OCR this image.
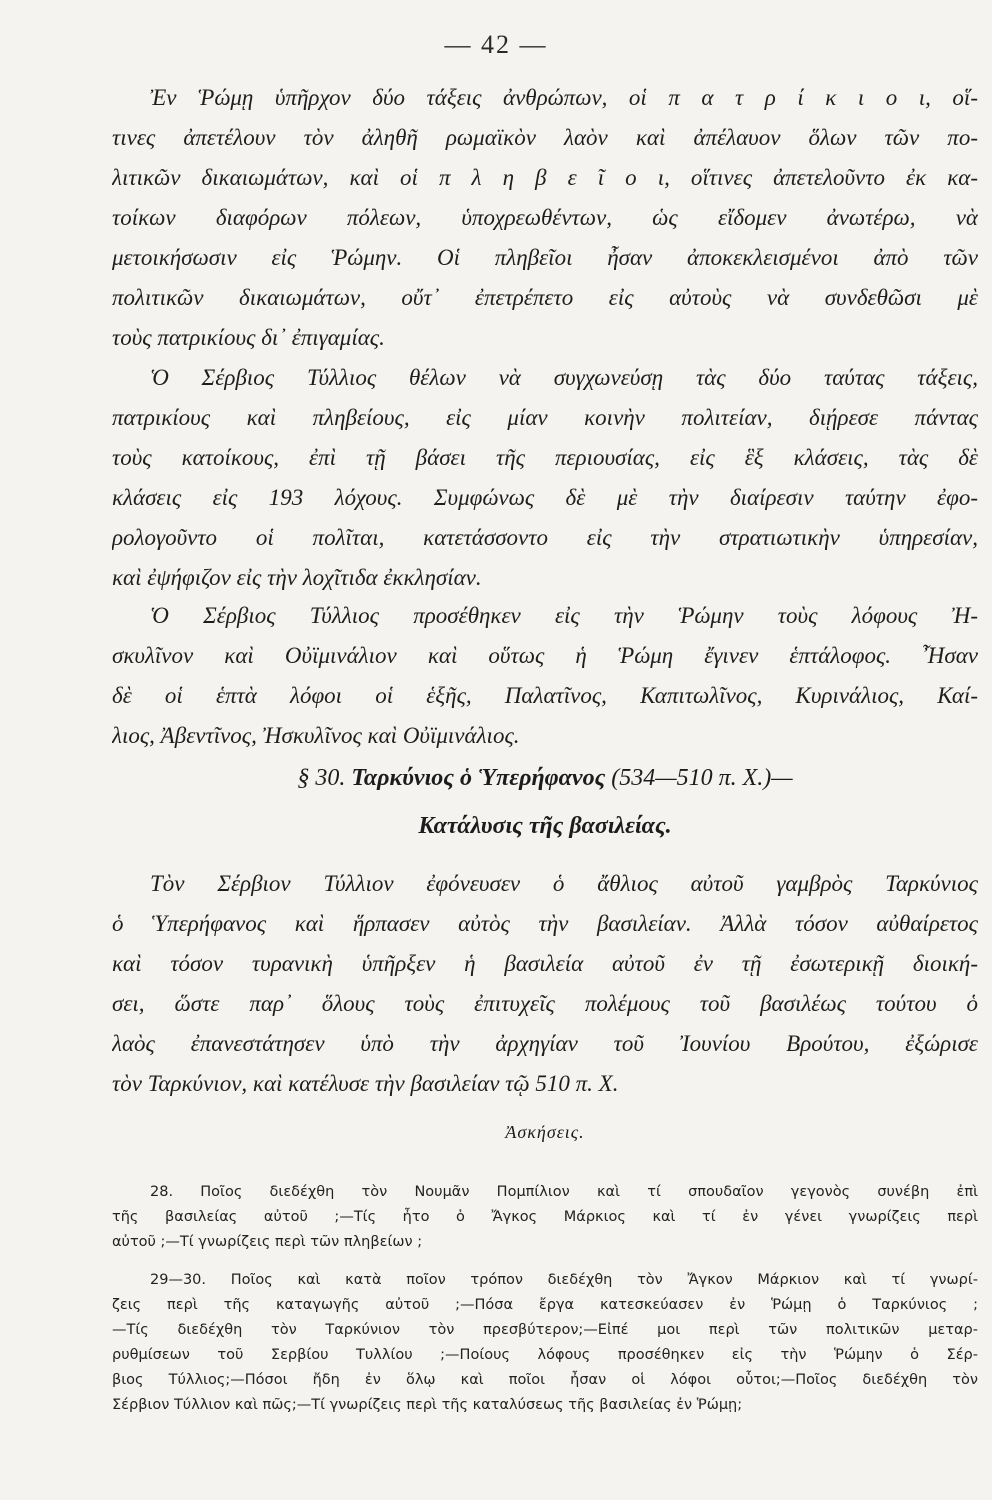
— 42 —
Ἐν Ῥώμῃ ὑπῆρχον δύο τάξεις ἀνθρώπων, οἱ π α τ ρ ί κ ι ο ι, οἵ-
τινες ἀπετέλουν τὸν ἀληθῆ ρωμαϊκὸν λαὸν καὶ ἀπέλαυον ὅλων τῶν πο-
λιτικῶν δικαιωμάτων, καὶ οἱ π λ η β ε ῖ ο ι, οἵτινες ἀπετελοῦντο ἐκ κα-
τοίκων διαφόρων πόλεων, ὑποχρεωθέντων, ὡς εἴδομεν ἀνωτέρω, νὰ
μετοικήσωσιν εἰς Ῥώμην. Οἱ πληβεῖοι ἦσαν ἀποκεκλεισμένοι ἀπὸ τῶν
πολιτικῶν δικαιωμάτων, οὔτ᾽ ἐπετρέπετο εἰς αὐτοὺς νὰ συνδεθῶσι μὲ
τοὺς πατρικίους δι᾽ ἐπιγαμίας.
Ὁ Σέρβιος Τύλλιος θέλων νὰ συγχωνεύσῃ τὰς δύο ταύτας τάξεις,
πατρικίους καὶ πληβείους, εἰς μίαν κοινὴν πολιτείαν, διῄρεσε πάντας
τοὺς κατοίκους, ἐπὶ τῇ βάσει τῆς περιουσίας, εἰς ἓξ κλάσεις, τὰς δὲ
κλάσεις εἰς 193 λόχους. Συμφώνως δὲ μὲ τὴν διαίρεσιν ταύτην ἐφο-
ρολογοῦντο οἱ πολῖται, κατετάσσοντο εἰς τὴν στρατιωτικὴν ὑπηρεσίαν,
καὶ ἐψήφιζον εἰς τὴν λοχῖτιδα ἐκκλησίαν.
Ὁ Σέρβιος Τύλλιος προσέθηκεν εἰς τὴν Ῥώμην τοὺς λόφους Ἠ-
σκυλῖνον καὶ Οὐϊμινάλιον καὶ οὕτως ἡ Ῥώμη ἔγινεν ἑπτάλοφος. Ἦσαν
δὲ οἱ ἑπτὰ λόφοι οἱ ἑξῆς, Παλατῖνος, Καπιτωλῖνος, Κυρινάλιος, Καί-
λιος, Ἀβεντῖνος, Ἠσκυλῖνος καὶ Οὐϊμινάλιος.
§ 30. Ταρκύνιος ὁ Ὑπερήφανος (534—510 π. Χ.)—
Κατάλυσις τῆς βασιλείας.
Τὸν Σέρβιον Τύλλιον ἐφόνευσεν ὁ ἄθλιος αὐτοῦ γαμβρὸς Ταρκύνιος
ὁ Ὑπερήφανος καὶ ἥρπασεν αὐτὸς τὴν βασιλείαν. Ἀλλὰ τόσον αὐθαίρετος
καὶ τόσον τυρανικὴ ὑπῆρξεν ἡ βασιλεία αὐτοῦ ἐν τῇ ἐσωτερικῇ διοική-
σει, ὥστε παρ᾽ ὅλους τοὺς ἐπιτυχεῖς πολέμους τοῦ βασιλέως τούτου ὁ
λαὸς ἐπανεστάτησεν ὑπὸ τὴν ἀρχηγίαν τοῦ Ἰουνίου Βρούτου, ἐξώρισε
τὸν Ταρκύνιον, καὶ κατέλυσε τὴν βασιλείαν τῷ 510 π. Χ.
Ἀσκήσεις.
28. Ποῖος διεδέχθη τὸν Νουμᾶν Πομπίλιον καὶ τί σπουδαῖον γεγονὸς συνέβη ἐπὶ
τῆς βασιλείας αὐτοῦ ;—Τίς ἦτο ὁ Ἄγκος Μάρκιος καὶ τί ἐν γένει γνωρίζεις περὶ
αὐτοῦ ;—Τί γνωρίζεις περὶ τῶν πληβείων ;
29—30. Ποῖος καὶ κατὰ ποῖον τρόπον διεδέχθη τὸν Ἄγκον Μάρκιον καὶ τί γνωρί-
ζεις περὶ τῆς καταγωγῆς αὐτοῦ ;—Πόσα ἔργα κατεσκεύασεν ἐν Ῥώμῃ ὁ Ταρκύνιος ;
—Τίς διεδέχθη τὸν Ταρκύνιον τὸν πρεσβύτερον;—Εἰπέ μοι περὶ τῶν πολιτικῶν μεταρ-
ρυθμίσεων τοῦ Σερβίου Τυλλίου ;—Ποίους λόφους προσέθηκεν εἰς τὴν Ῥώμην ὁ Σέρ-
βιος Τύλλιος;—Πόσοι ἤδη ἐν ὅλῳ καὶ ποῖοι ἦσαν οἱ λόφοι οὗτοι;—Ποῖος διεδέχθη τὸν
Σέρβιον Τύλλιον καὶ πῶς;—Τί γνωρίζεις περὶ τῆς καταλύσεως τῆς βασιλείας ἐν Ῥώμῃ;
